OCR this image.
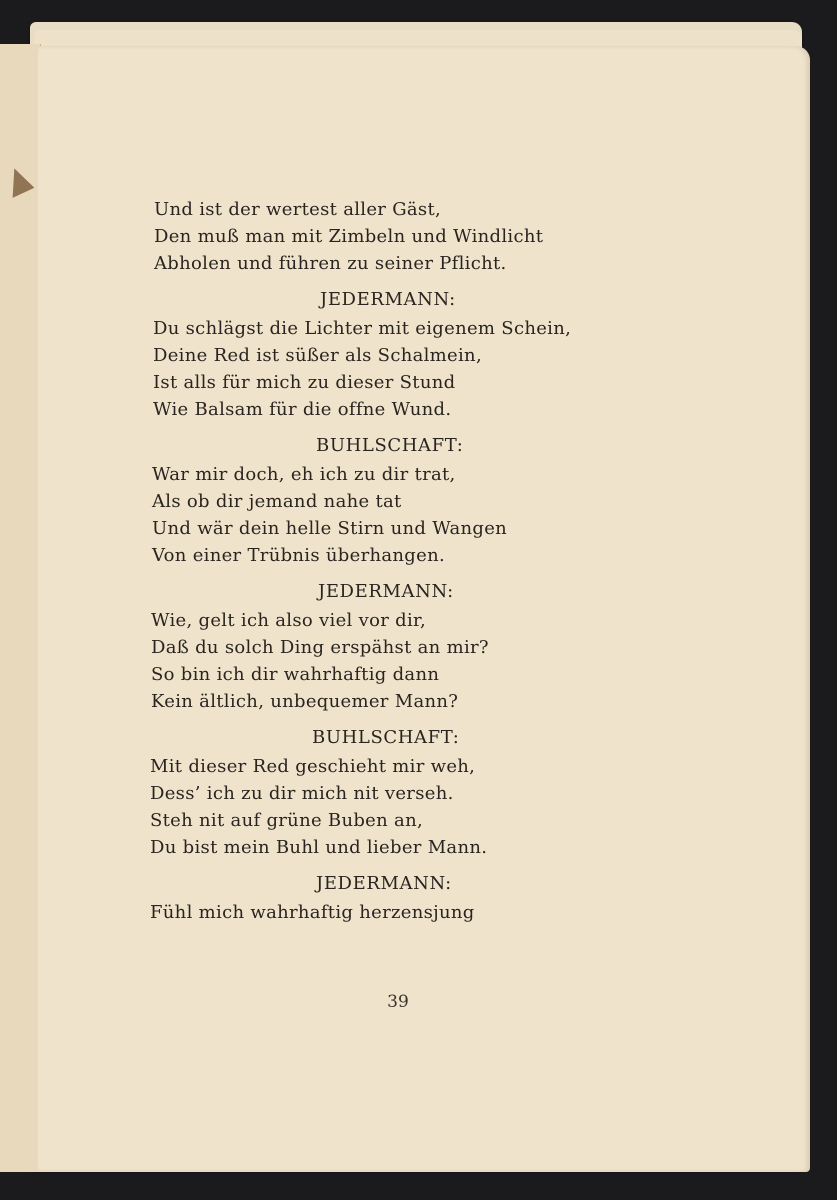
Und ist der wertest aller Gäst,
Den muß man mit Zimbeln und Windlicht
Abholen und führen zu seiner Pflicht.
JEDERMANN:
Du schlägst die Lichter mit eigenem Schein,
Deine Red ist süßer als Schalmein,
Ist alls für mich zu dieser Stund
Wie Balsam für die offne Wund.
BUHLSCHAFT:
War mir doch, eh ich zu dir trat,
Als ob dir jemand nahe tat
Und wär dein helle Stirn und Wangen
Von einer Trübnis überhangen.
JEDERMANN:
Wie, gelt ich also viel vor dir,
Daß du solch Ding erspähst an mir?
So bin ich dir wahrhaftig dann
Kein ältlich, unbequemer Mann?
BUHLSCHAFT:
Mit dieser Red geschieht mir weh,
Dess’ ich zu dir mich nit verseh.
Steh nit auf grüne Buben an,
Du bist mein Buhl und lieber Mann.
JEDERMANN:
Fühl mich wahrhaftig herzensjung
39
